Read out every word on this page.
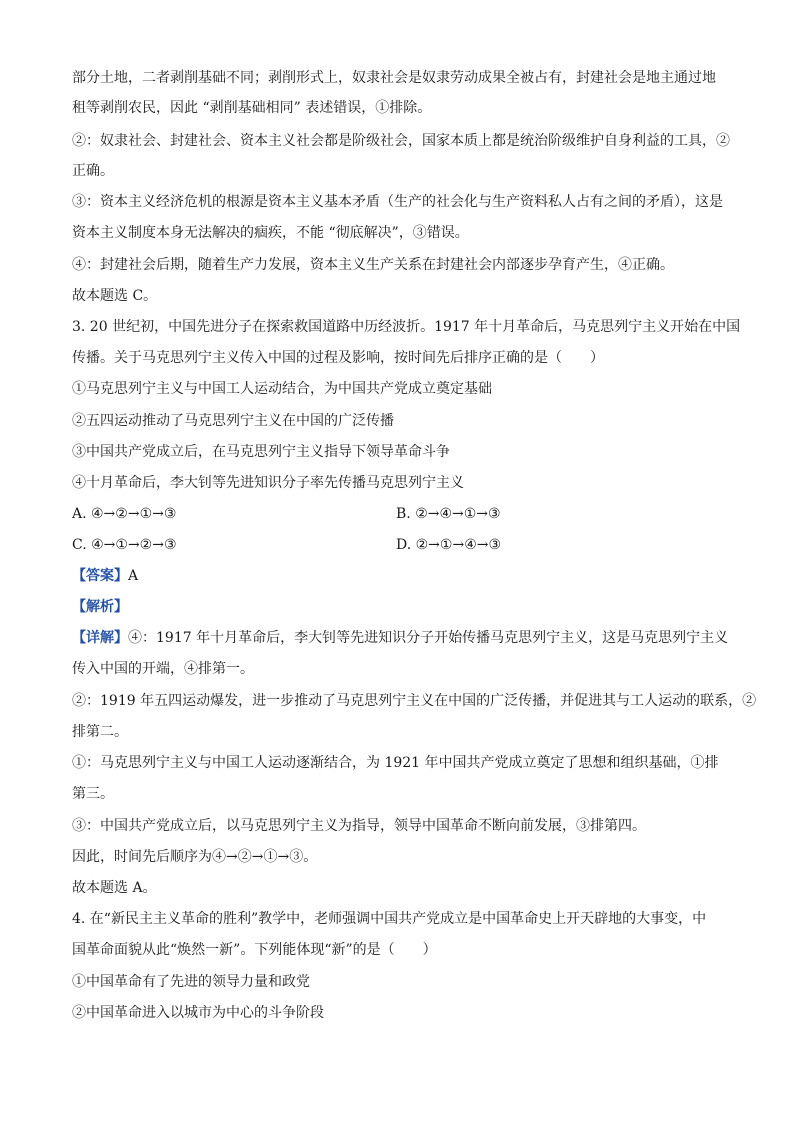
部分土地，二者剥削基础不同；剥削形式上，奴隶社会是奴隶劳动成果全被占有，封建社会是地主通过地
租等剥削农民，因此 “剥削基础相同” 表述错误，①排除。
②：奴隶社会、封建社会、资本主义社会都是阶级社会，国家本质上都是统治阶级维护自身利益的工具，②
正确。
③：资本主义经济危机的根源是资本主义基本矛盾（生产的社会化与生产资料私人占有之间的矛盾），这是
资本主义制度本身无法解决的痼疾，不能 “彻底解决”，③错误。
④：封建社会后期，随着生产力发展，资本主义生产关系在封建社会内部逐步孕育产生，④正确。
故本题选 C。
3. 20 世纪初，中国先进分子在探索救国道路中历经波折。1917 年十月革命后，马克思列宁主义开始在中国
传播。关于马克思列宁主义传入中国的过程及影响，按时间先后排序正确的是（　　）
①马克思列宁主义与中国工人运动结合，为中国共产党成立奠定基础
②五四运动推动了马克思列宁主义在中国的广泛传播
③中国共产党成立后，在马克思列宁主义指导下领导革命斗争
④十月革命后，李大钊等先进知识分子率先传播马克思列宁主义
A. ④→②→①→③	B. ②→④→①→③
C. ④→①→②→③	D. ②→①→④→③
【答案】A
【解析】
【详解】④：1917 年十月革命后，李大钊等先进知识分子开始传播马克思列宁主义，这是马克思列宁主义
传入中国的开端，④排第一。
②：1919 年五四运动爆发，进一步推动了马克思列宁主义在中国的广泛传播，并促进其与工人运动的联系，②
排第二。
①：马克思列宁主义与中国工人运动逐渐结合，为 1921 年中国共产党成立奠定了思想和组织基础，①排
第三。
③：中国共产党成立后，以马克思列宁主义为指导，领导中国革命不断向前发展，③排第四。
因此，时间先后顺序为④→②→①→③。
故本题选 A。
4. 在“新民主主义革命的胜利”教学中，老师强调中国共产党成立是中国革命史上开天辟地的大事变，中
国革命面貌从此“焕然一新”。下列能体现“新”的是（　　）
①中国革命有了先进的领导力量和政党
②中国革命进入以城市为中心的斗争阶段
